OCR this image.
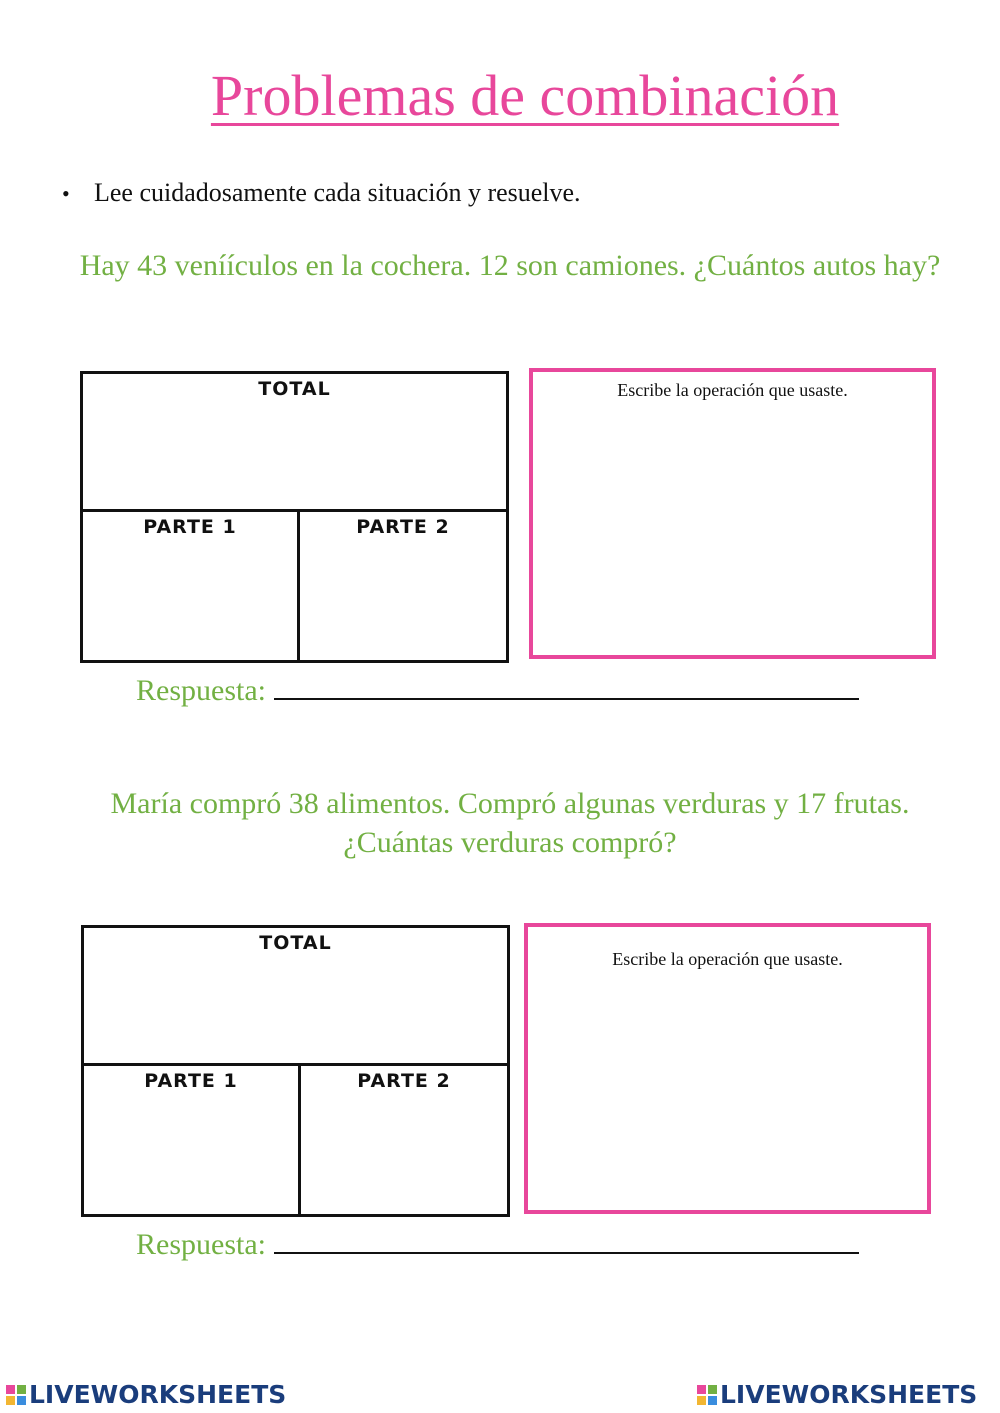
Problemas de combinación
• Lee cuidadosamente cada situación y resuelve.
Hay 43 veníículos en la cochera. 12 son camiones. ¿Cuántos autos hay?
TOTAL
PARTE 1	PARTE 2
Escribe la operación que usaste.
Respuesta:
María compró 38 alimentos. Compró algunas verduras y 17 frutas. ¿Cuántas verduras compró?
TOTAL
PARTE 1	PARTE 2
Escribe la operación que usaste.
Respuesta:
LIVEWORKSHEETS	LIVEWORKSHEETS
